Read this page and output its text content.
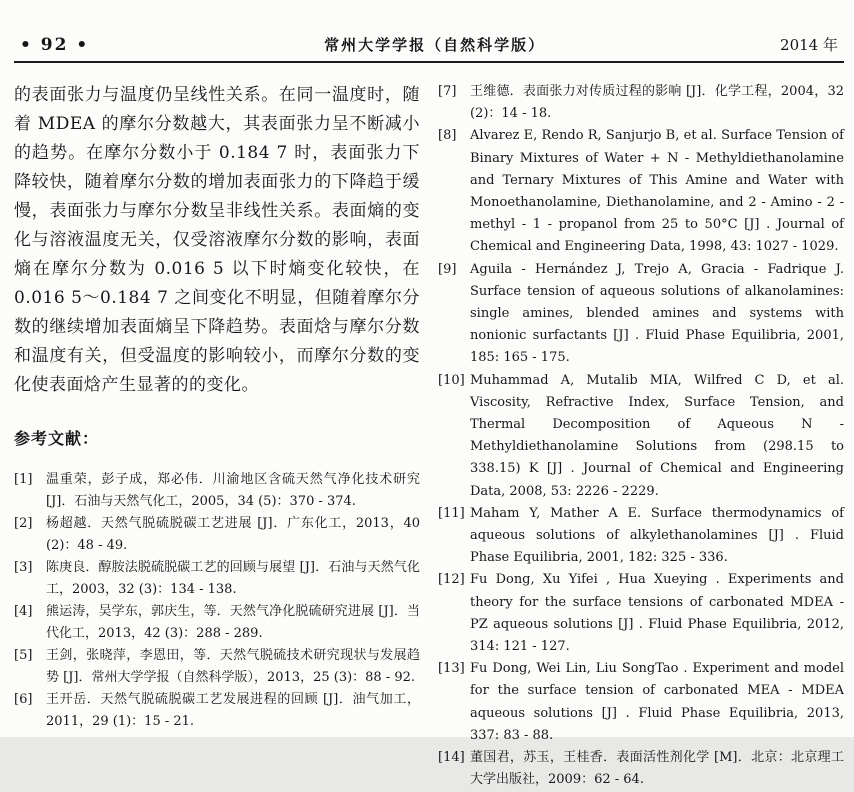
• 92 •	常州大学学报（自然科学版）	2014 年

的表面张力与温度仍呈线性关系。在同一温度时，随着 MDEA 的摩尔分数越大，其表面张力呈不断减小的趋势。在摩尔分数小于 0.184 7 时，表面张力下降较快，随着摩尔分数的增加表面张力的下降趋于缓慢，表面张力与摩尔分数呈非线性关系。表面熵的变化与溶液温度无关，仅受溶液摩尔分数的影响，表面熵在摩尔分数为 0.016 5 以下时熵变化较快，在 0.016 5～0.184 7 之间变化不明显，但随着摩尔分数的继续增加表面熵呈下降趋势。表面焓与摩尔分数和温度有关，但受温度的影响较小，而摩尔分数的变化使表面焓产生显著的的变化。

参考文献：
[1]	温重荣，彭子成，郑必伟．川渝地区含硫天然气净化技术研究 [J]．石油与天然气化工，2005，34 (5)：370 - 374.
[2]	杨超越．天然气脱硫脱碳工艺进展 [J]．广东化工，2013，40 (2)：48 - 49.
[3]	陈庚良．醇胺法脱硫脱碳工艺的回顾与展望 [J]．石油与天然气化工，2003，32 (3)：134 - 138.
[4]	熊运涛，吴学东，郭庆生，等．天然气净化脱硫研究进展 [J]．当代化工，2013，42 (3)：288 - 289.
[5]	王剑，张晓萍，李恩田，等．天然气脱硫技术研究现状与发展趋势 [J]．常州大学学报（自然科学版），2013，25 (3)：88 - 92.
[6]	王开岳．天然气脱硫脱碳工艺发展进程的回顾 [J]．油气加工，2011，29 (1)：15 - 21.
[7]	王维德．表面张力对传质过程的影响 [J]．化学工程，2004，32 (2)：14 - 18.
[8]	Alvarez E, Rendo R, Sanjurjo B, et al. Surface Tension of Binary Mixtures of Water + N - Methyldiethanolamine and Ternary Mixtures of This Amine and Water with Monoethanolamine, Diethanolamine, and 2 - Amino - 2 - methyl - 1 - propanol from 25 to 50°C [J] . Journal of Chemical and Engineering Data, 1998, 43: 1027 - 1029.
[9]	Aguila - Hernández J, Trejo A, Gracia - Fadrique J. Surface tension of aqueous solutions of alkanolamines: single amines, blended amines and systems with nonionic surfactants [J] . Fluid Phase Equilibria, 2001, 185: 165 - 175.
[10] Muhammad A, Mutalib MIA, Wilfred C D, et al. Viscosity, Refractive Index, Surface Tension, and Thermal Decomposition of Aqueous N - Methyldiethanolamine Solutions from (298.15 to 338.15) K [J] . Journal of Chemical and Engineering Data, 2008, 53: 2226 - 2229.
[11] Maham Y, Mather A E. Surface thermodynamics of aqueous solutions of alkylethanolamines [J] . Fluid Phase Equilibria, 2001, 182: 325 - 336.
[12] Fu Dong, Xu Yifei , Hua Xueying . Experiments and theory for the surface tensions of carbonated MDEA - PZ aqueous solutions [J] . Fluid Phase Equilibria, 2012, 314: 121 - 127.
[13] Fu Dong, Wei Lin, Liu SongTao . Experiment and model for the surface tension of carbonated MEA - MDEA aqueous solutions [J] . Fluid Phase Equilibria, 2013, 337: 83 - 88.
[14] 董国君，苏玉，王桂香．表面活性剂化学 [M]．北京：北京理工大学出版社，2009：62 - 64.
